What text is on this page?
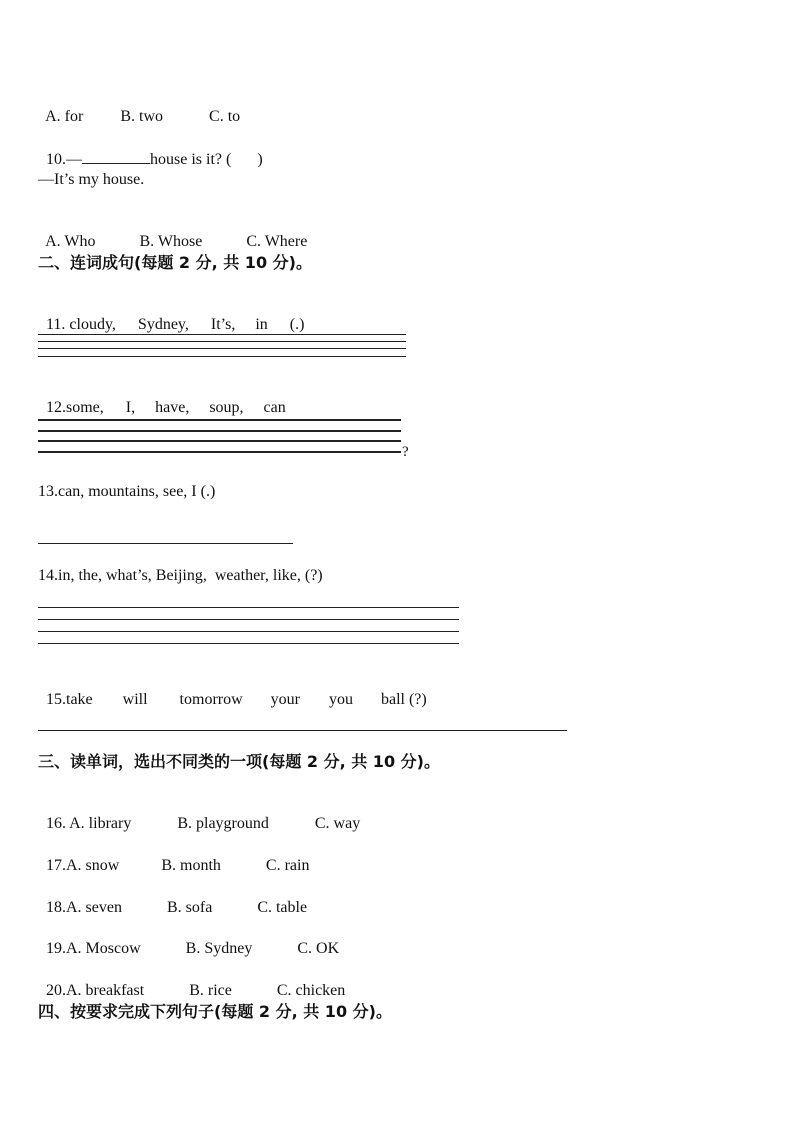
A. for B. two	C. to

10.—	house is it? ( )

—It’s my house.

A. Who	B. Whose	C. Where

二、连词成句(每题 2 分, 共 10 分)。

11. cloudy, Sydney, It’s, in (.)

12.some, I, have, soup, can

?
13.can, mountains, see, I (.)
14.in, the, what’s, Beijing,  weather, like, (?)

15.take will tomorrow your you ball (?)

三、读单词，选出不同类的一项(每题 2 分, 共 10 分)。

16. A. library	B. playground	C. way

17.A. snow	B. month	C. rain

18.A. seven	B. sofa	C. table

19.A. Moscow	B. Sydney	C. OK

20.A. breakfast	B. rice	C. chicken

四、按要求完成下列句子(每题 2 分, 共 10 分)。
